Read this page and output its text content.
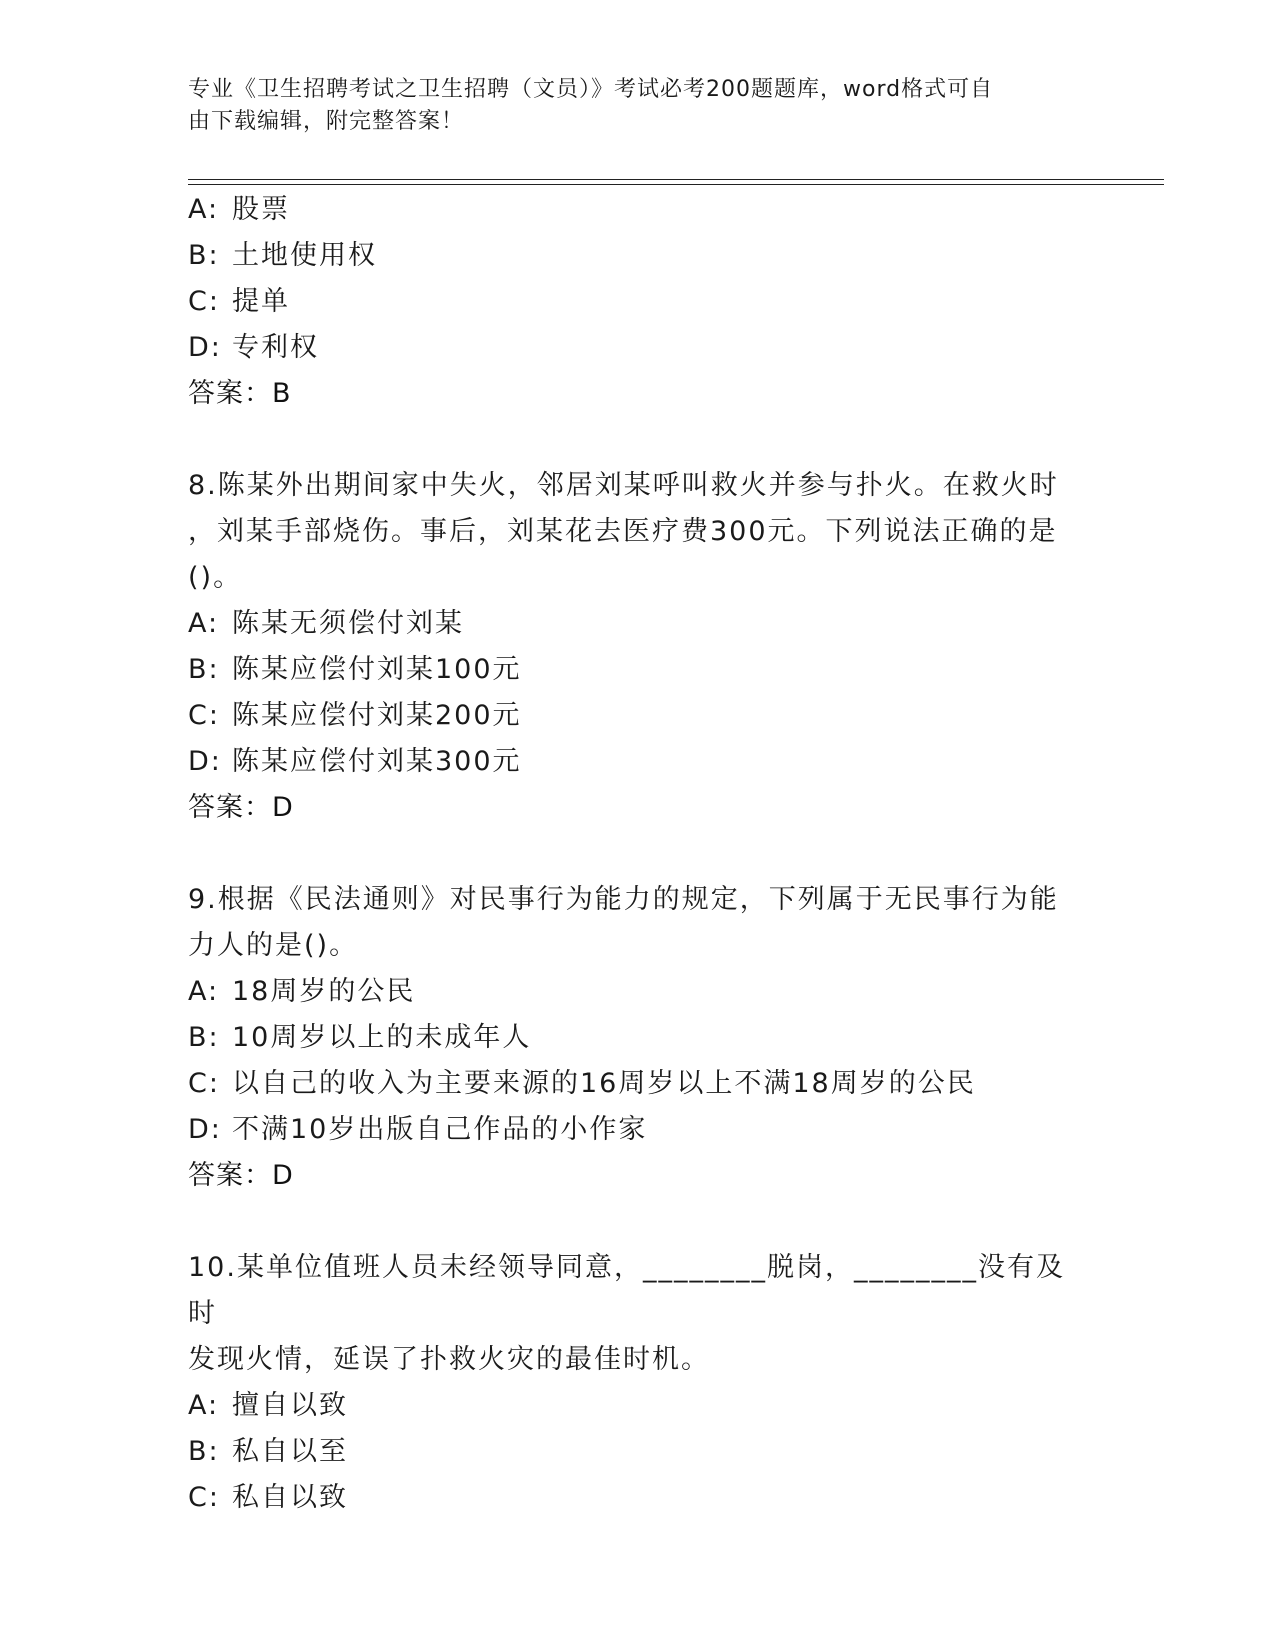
专业《卫生招聘考试之卫生招聘（文员）》考试必考200题题库，word格式可自
由下载编辑，附完整答案！
A: 股票
B: 土地使用权
C: 提单
D: 专利权
答案：B
8.陈某外出期间家中失火，邻居刘某呼叫救火并参与扑火。在救火时
，刘某手部烧伤。事后，刘某花去医疗费300元。下列说法正确的是
()。
A: 陈某无须偿付刘某
B: 陈某应偿付刘某100元
C: 陈某应偿付刘某200元
D: 陈某应偿付刘某300元
答案：D
9.根据《民法通则》对民事行为能力的规定，下列属于无民事行为能
力人的是()。
A: 18周岁的公民
B: 10周岁以上的未成年人
C: 以自己的收入为主要来源的16周岁以上不满18周岁的公民
D: 不满10岁出版自己作品的小作家
答案：D
10.某单位值班人员未经领导同意，________脱岗，________没有及时
发现火情，延误了扑救火灾的最佳时机。
A: 擅自以致
B: 私自以至
C: 私自以致
